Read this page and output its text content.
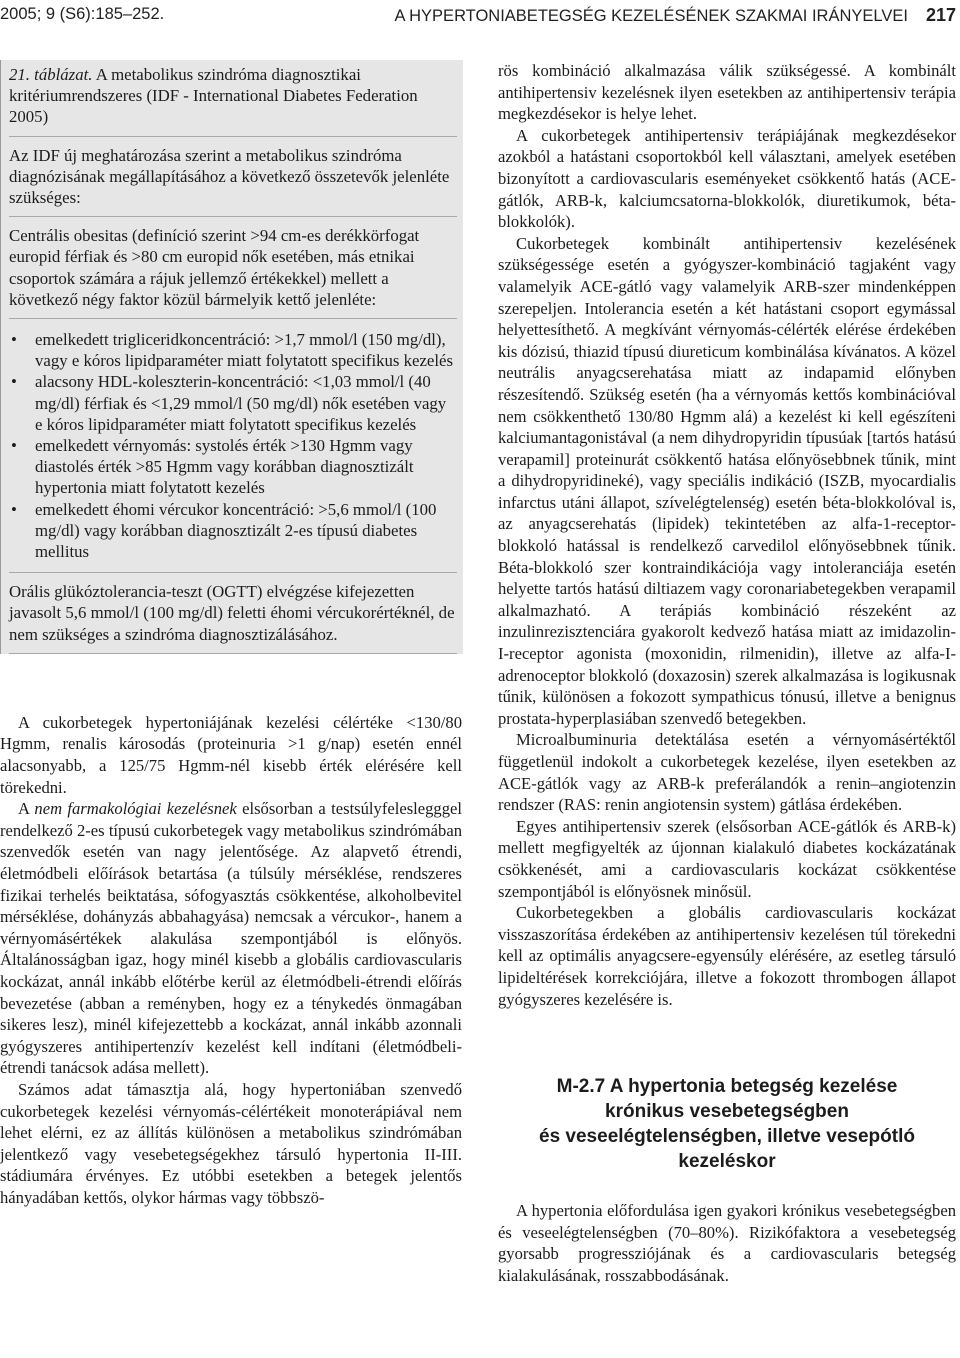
2005; 9 (S6):185–252.	A HYPERTONIABETEGSÉG KEZELÉSÉNEK SZAKMAI IRÁNYELVEI 217
21. táblázat. A metabolikus szindróma diagnosztikai kritériumrendszeres (IDF - International Diabetes Federation 2005)
Az IDF új meghatározása szerint a metabolikus szindróma diagnózisának megállapításához a következő összetevők jelenléte szükséges:
Centrális obesitas (definíció szerint >94 cm-es derékkörfogat europid férfiak és >80 cm europid nők esetében, más etnikai csoportok számára a rájuk jellemző értékekkel) mellett a következő négy faktor közül bármelyik kettő jelenléte:
• emelkedett trigliceridkoncentráció: >1,7 mmol/l (150 mg/dl), vagy e kóros lipidparaméter miatt folytatott specifikus kezelés
• alacsony HDL-koleszterin-koncentráció: <1,03 mmol/l (40 mg/dl) férfiak és <1,29 mmol/l (50 mg/dl) nők esetében vagy e kóros lipidparaméter miatt folytatott specifikus kezelés
• emelkedett vérnyomás: systolés érték >130 Hgmm vagy diastolés érték >85 Hgmm vagy korábban diagnosztizált hypertonia miatt folytatott kezelés
• emelkedett éhomi vércukor koncentráció: >5,6 mmol/l (100 mg/dl) vagy korábban diagnosztizált 2-es típusú diabetes mellitus
Orális glükóztolerancia-teszt (OGTT) elvégzése kifejezetten javasolt 5,6 mmol/l (100 mg/dl) feletti éhomi vércukorértéknél, de nem szükséges a szindróma diagnosztizálásához.

A cukorbetegek hypertoniájának kezelési célértéke <130/80 Hgmm, renalis károsodás (proteinuria >1 g/nap) esetén ennél alacsonyabb, a 125/75 Hgmm-nél kisebb érték elérésére kell törekedni.

A nem farmakológiai kezelésnek elsősorban a testsúlyfeleslegggel rendelkező 2-es típusú cukorbetegek vagy metabolikus szindrómában szenvedők esetén van nagy jelentősége. Az alapvető étrendi, életmódbeli előírások betartása (a túlsúly mérséklése, rendszeres fizikai terhelés beiktatása, sófogyasztás csökkentése, alkoholbevitel mérséklése, dohányzás abbahagyása) nemcsak a vércukor-, hanem a vérnyomásértékek alakulása szempontjából is előnyös. Általánosságban igaz, hogy minél kisebb a globális cardiovascularis kockázat, annál inkább előtérbe kerül az életmódbeli-étrendi előírás bevezetése (abban a reményben, hogy ez a ténykedés önmagában sikeres lesz), minél kifejezettebb a kockázat, annál inkább azonnali gyógyszeres antihipertenzív kezelést kell indítani (életmódbeli-étrendi tanácsok adása mellett).

Számos adat támasztja alá, hogy hypertoniában szenvedő cukorbetegek kezelési vérnyomás-célértékeit monoterápiával nem lehet elérni, ez az állítás különösen a metabolikus szindrómában jelentkező vagy vesebetegségekhez társuló hypertonia II-III. stádiumára érvényes. Ez utóbbi esetekben a betegek jelentős hányadában kettős, olykor hármas vagy többszö-

rös kombináció alkalmazása válik szükségessé. A kombinált antihipertensiv kezelésnek ilyen esetekben az antihipertensiv terápia megkezdésekor is helye lehet.

A cukorbetegek antihipertensiv terápiájának megkezdésekor azokból a hatástani csoportokból kell választani, amelyek esetében bizonyított a cardiovascularis eseményeket csökkentő hatás (ACE-gátlók, ARB-k, kalciumcsatorna-blokkolók, diuretikumok, béta-blokkolók).

Cukorbetegek kombinált antihipertensiv kezelésének szükségessége esetén a gyógyszer-kombináció tagjaként vagy valamelyik ACE-gátló vagy valamelyik ARB-szer mindenképpen szerepeljen. Intolerancia esetén a két hatástani csoport egymással helyettesíthető. A megkívánt vérnyomás-célérték elérése érdekében kis dózisú, thiazid típusú diureticum kombinálása kívánatos. A közel neutrális anyagcserehatása miatt az indapamid előnyben részesítendő. Szükség esetén (ha a vérnyomás kettős kombinációval nem csökkenthető 130/80 Hgmm alá) a kezelést ki kell egészíteni kalciumantagonistával (a nem dihydropyridin típusúak [tartós hatású verapamil] proteinurát csökkentő hatása előnyösebbnek tűnik, mint a dihydropyridineké), vagy speciális indikáció (ISZB, myocardialis infarctus utáni állapot, szívelégtelenség) esetén béta-blokkolóval is, az anyagcserehatás (lipidek) tekintetében az alfa-1-receptor-blokkoló hatással is rendelkező carvedilol előnyösebbnek tűnik. Béta-blokkoló szer kontraindikációja vagy intoleranciája esetén helyette tartós hatású diltiazem vagy coronariabetegekben verapamil alkalmazható. A terápiás kombináció részeként az inzulinrezisztenciára gyakorolt kedvező hatása miatt az imidazolin-I-receptor agonista (moxonidin, rilmenidin), illetve az alfa-I-adrenoceptor blokkoló (doxazosin) szerek alkalmazása is logikusnak tűnik, különösen a fokozott sympathicus tónusú, illetve a benignus prostata-hyperplasiában szenvedő betegekben.

Microalbuminuria detektálása esetén a vérnyomásértéktől függetlenül indokolt a cukorbetegek kezelése, ilyen esetekben az ACE-gátlók vagy az ARB-k preferálandók a renin–angiotenzin rendszer (RAS: renin angiotensin system) gátlása érdekében.

Egyes antihipertensiv szerek (elsősorban ACE-gátlók és ARB-k) mellett megfigyelték az újonnan kialakuló diabetes kockázatának csökkenését, ami a cardiovascularis kockázat csökkentése szempontjából is előnyösnek minősül.

Cukorbetegekben a globális cardiovascularis kockázat visszaszorítása érdekében az antihipertensiv kezelésen túl törekedni kell az optimális anyagcsere-egyensúly elérésére, az esetleg társuló lipideltérések korrekciójára, illetve a fokozott thrombogen állapot gyógyszeres kezelésére is.

M-2.7 A hypertonia betegség kezelése
krónikus vesebetegségben
és veseelégtelenségben, illetve vesepótló
kezeléskor

A hypertonia előfordulása igen gyakori krónikus vesebetegségben és veseelégtelenségben (70–80%). Rizikófaktora a vesebetegség gyorsabb progressziójának és a cardiovascularis betegség kialakulásának, rosszabbodásának.
